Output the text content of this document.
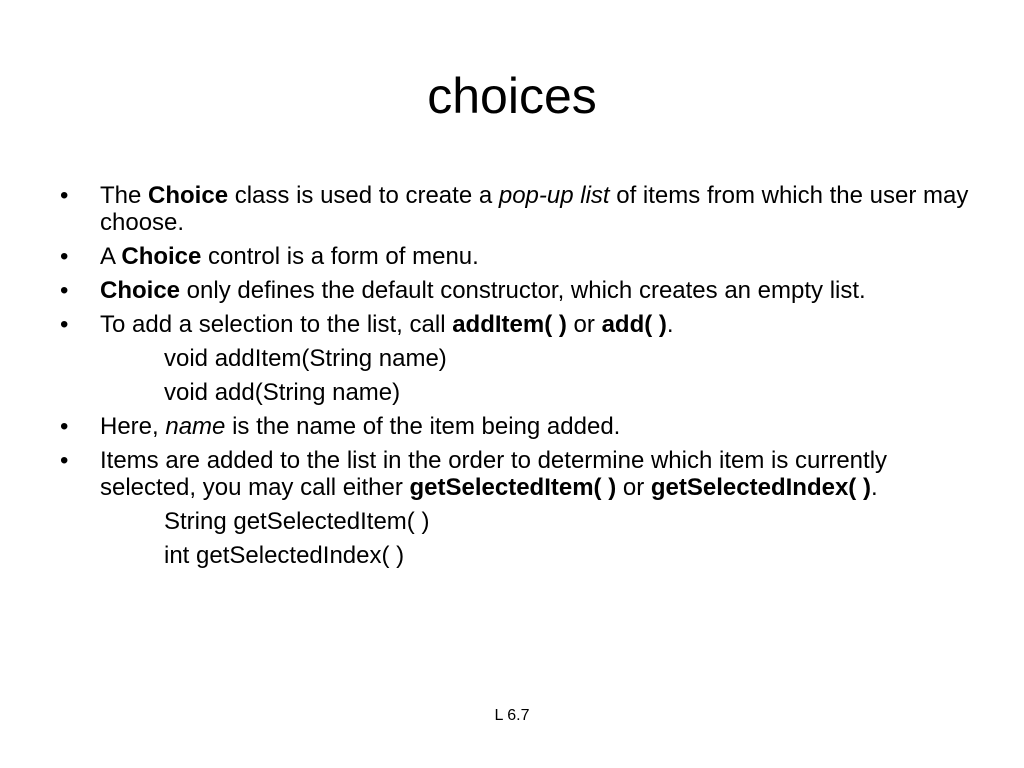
choices
• The Choice class is used to create a pop-up list of items from which the user may choose.
• A Choice control is a form of menu.
• Choice only defines the default constructor, which creates an empty list.
• To add a selection to the list, call addItem( ) or add( ).
void addItem(String name)
void add(String name)
• Here, name is the name of the item being added.
• Items are added to the list in the order to determine which item is currently selected, you may call either getSelectedItem( ) or getSelectedIndex( ).
String getSelectedItem( )
int getSelectedIndex( )
L 6.7
